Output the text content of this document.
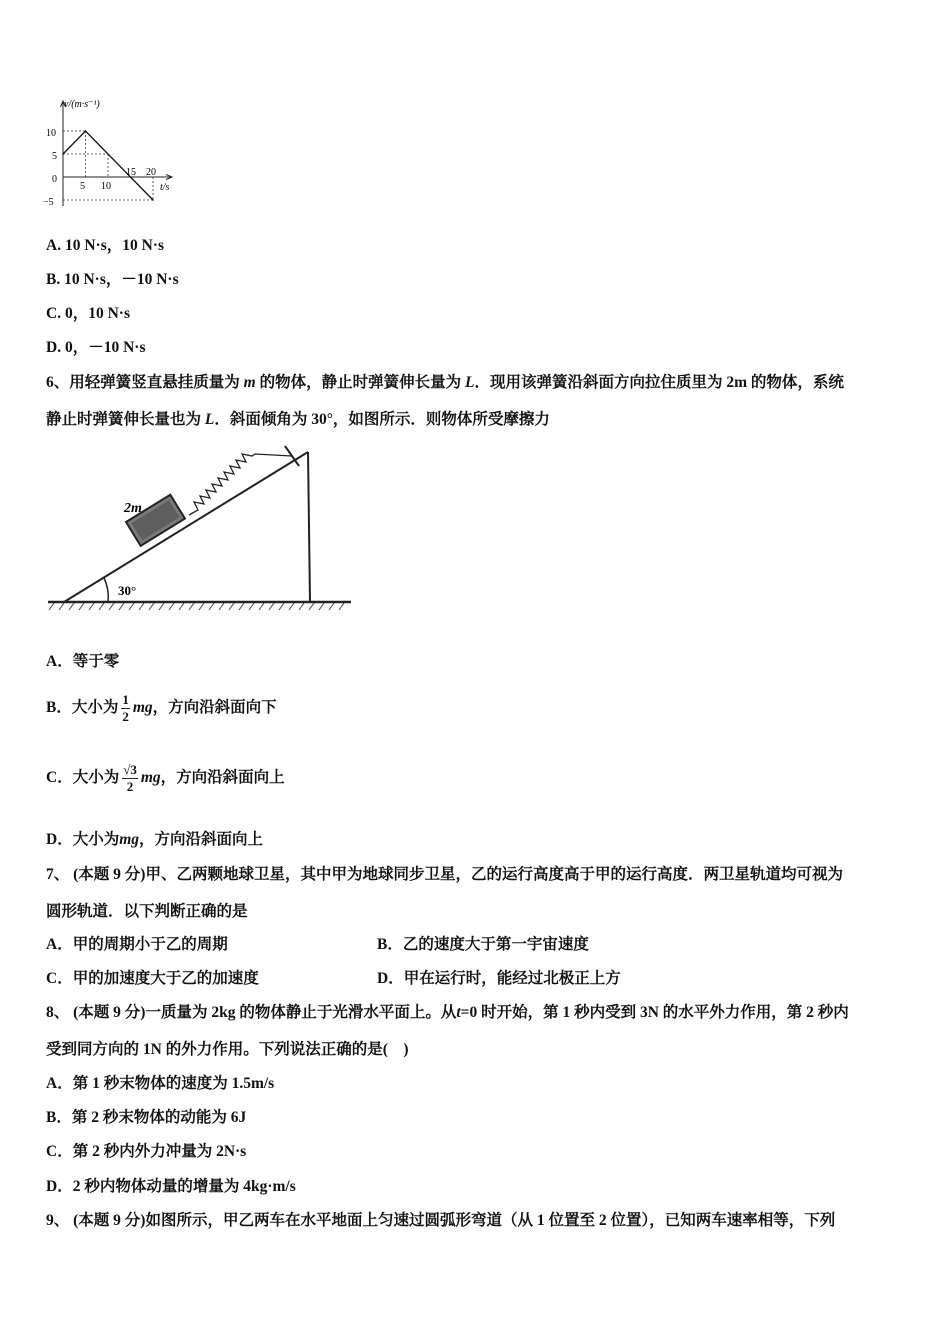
v/(m·s⁻¹)
t/s
10
5
0
−5
5 10
15 20
A. 10 N·s，10 N·s
B. 10 N·s，－10 N·s
C. 0，10 N·s
D. 0，－10 N·s
6、用轻弹簧竖直悬挂质量为 m 的物体，静止时弹簧伸长量为 L．现用该弹簧沿斜面方向拉住质里为 2m 的物体，系统
静止时弹簧伸长量也为 L．斜面倾角为 30°，如图所示．则物体所受摩擦力
2m
30°
A．等于零
B．大小为 $\frac{1}{2}$ mg，方向沿斜面向下
C．大小为 $\frac{√3}{2}$ mg，方向沿斜面向上
D．大小为mg，方向沿斜面向上
7、 (本题 9 分)甲、乙两颗地球卫星，其中甲为地球同步卫星，乙的运行高度高于甲的运行高度．两卫星轨道均可视为
圆形轨道．以下判断正确的是
A．甲的周期小于乙的周期	B．乙的速度大于第一宇宙速度
C．甲的加速度大于乙的加速度	D．甲在运行时，能经过北极正上方
8、 (本题 9 分)一质量为 2kg 的物体静止于光滑水平面上。从t=0 时开始，第 1 秒内受到 3N 的水平外力作用，第 2 秒内
受到同方向的 1N 的外力作用。下列说法正确的是(　)
A．第 1 秒末物体的速度为 1.5m/s
B．第 2 秒末物体的动能为 6J
C．第 2 秒内外力冲量为 2N·s
D．2 秒内物体动量的增量为 4kg·m/s
9、 (本题 9 分)如图所示，甲乙两车在水平地面上匀速过圆弧形弯道（从 1 位置至 2 位置），已知两车速率相等，下列
